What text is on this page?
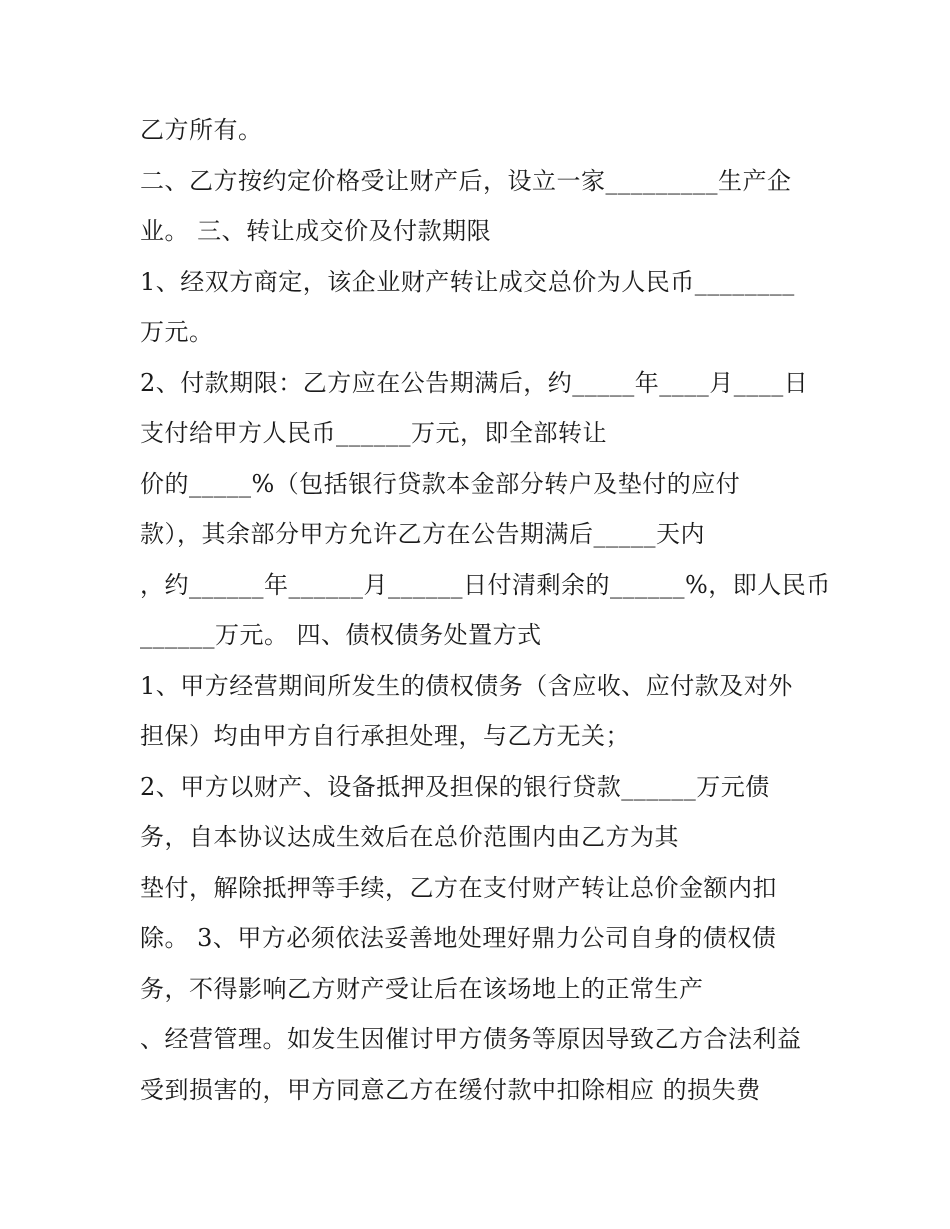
乙方所有。
二、乙方按约定价格受让财产后，设立一家_________生产企
业。 三、转让成交价及付款期限
1、经双方商定，该企业财产转让成交总价为人民币________
万元。
2、付款期限：乙方应在公告期满后，约_____年____月____日
支付给甲方人民币______万元，即全部转让
价的_____%（包括银行贷款本金部分转户及垫付的应付
款），其余部分甲方允许乙方在公告期满后_____天内
，约______年______月______日付清剩余的______%，即人民币
______万元。 四、债权债务处置方式
1、甲方经营期间所发生的债权债务（含应收、应付款及对外
担保）均由甲方自行承担处理，与乙方无关；
2、甲方以财产、设备抵押及担保的银行贷款______万元债
务，自本协议达成生效后在总价范围内由乙方为其
垫付，解除抵押等手续，乙方在支付财产转让总价金额内扣
除。 3、甲方必须依法妥善地处理好鼎力公司自身的债权债
务，不得影响乙方财产受让后在该场地上的正常生产
、经营管理。如发生因催讨甲方债务等原因导致乙方合法利益
受到损害的，甲方同意乙方在缓付款中扣除相应 的损失费
